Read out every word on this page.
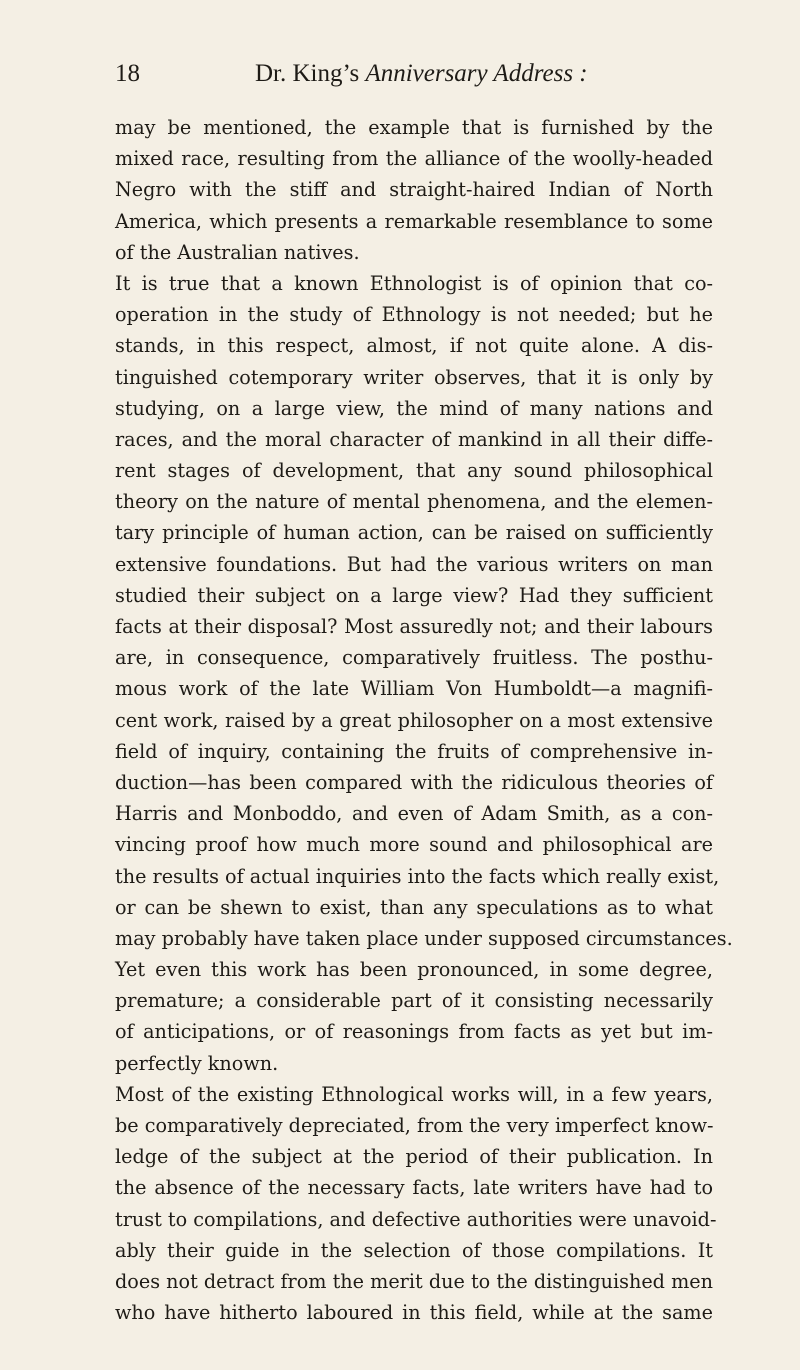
18	Dr. King’s Anniversary Address :
may be mentioned, the example that is furnished by the
mixed race, resulting from the alliance of the woolly-headed
Negro with the stiff and straight-haired Indian of North
America, which presents a remarkable resemblance to some
of the Australian natives.
It is true that a known Ethnologist is of opinion that co-
operation in the study of Ethnology is not needed; but he
stands, in this respect, almost, if not quite alone. A dis-
tinguished cotemporary writer observes, that it is only by
studying, on a large view, the mind of many nations and
races, and the moral character of mankind in all their diffe-
rent stages of development, that any sound philosophical
theory on the nature of mental phenomena, and the elemen-
tary principle of human action, can be raised on sufficiently
extensive foundations. But had the various writers on man
studied their subject on a large view? Had they sufficient
facts at their disposal? Most assuredly not; and their labours
are, in consequence, comparatively fruitless. The posthu-
mous work of the late William Von Humboldt—a magnifi-
cent work, raised by a great philosopher on a most extensive
field of inquiry, containing the fruits of comprehensive in-
duction—has been compared with the ridiculous theories of
Harris and Monboddo, and even of Adam Smith, as a con-
vincing proof how much more sound and philosophical are
the results of actual inquiries into the facts which really exist,
or can be shewn to exist, than any speculations as to what
may probably have taken place under supposed circumstances.
Yet even this work has been pronounced, in some degree,
premature; a considerable part of it consisting necessarily
of anticipations, or of reasonings from facts as yet but im-
perfectly known.
Most of the existing Ethnological works will, in a few years,
be comparatively depreciated, from the very imperfect know-
ledge of the subject at the period of their publication. In
the absence of the necessary facts, late writers have had to
trust to compilations, and defective authorities were unavoid-
ably their guide in the selection of those compilations. It
does not detract from the merit due to the distinguished men
who have hitherto laboured in this field, while at the same
